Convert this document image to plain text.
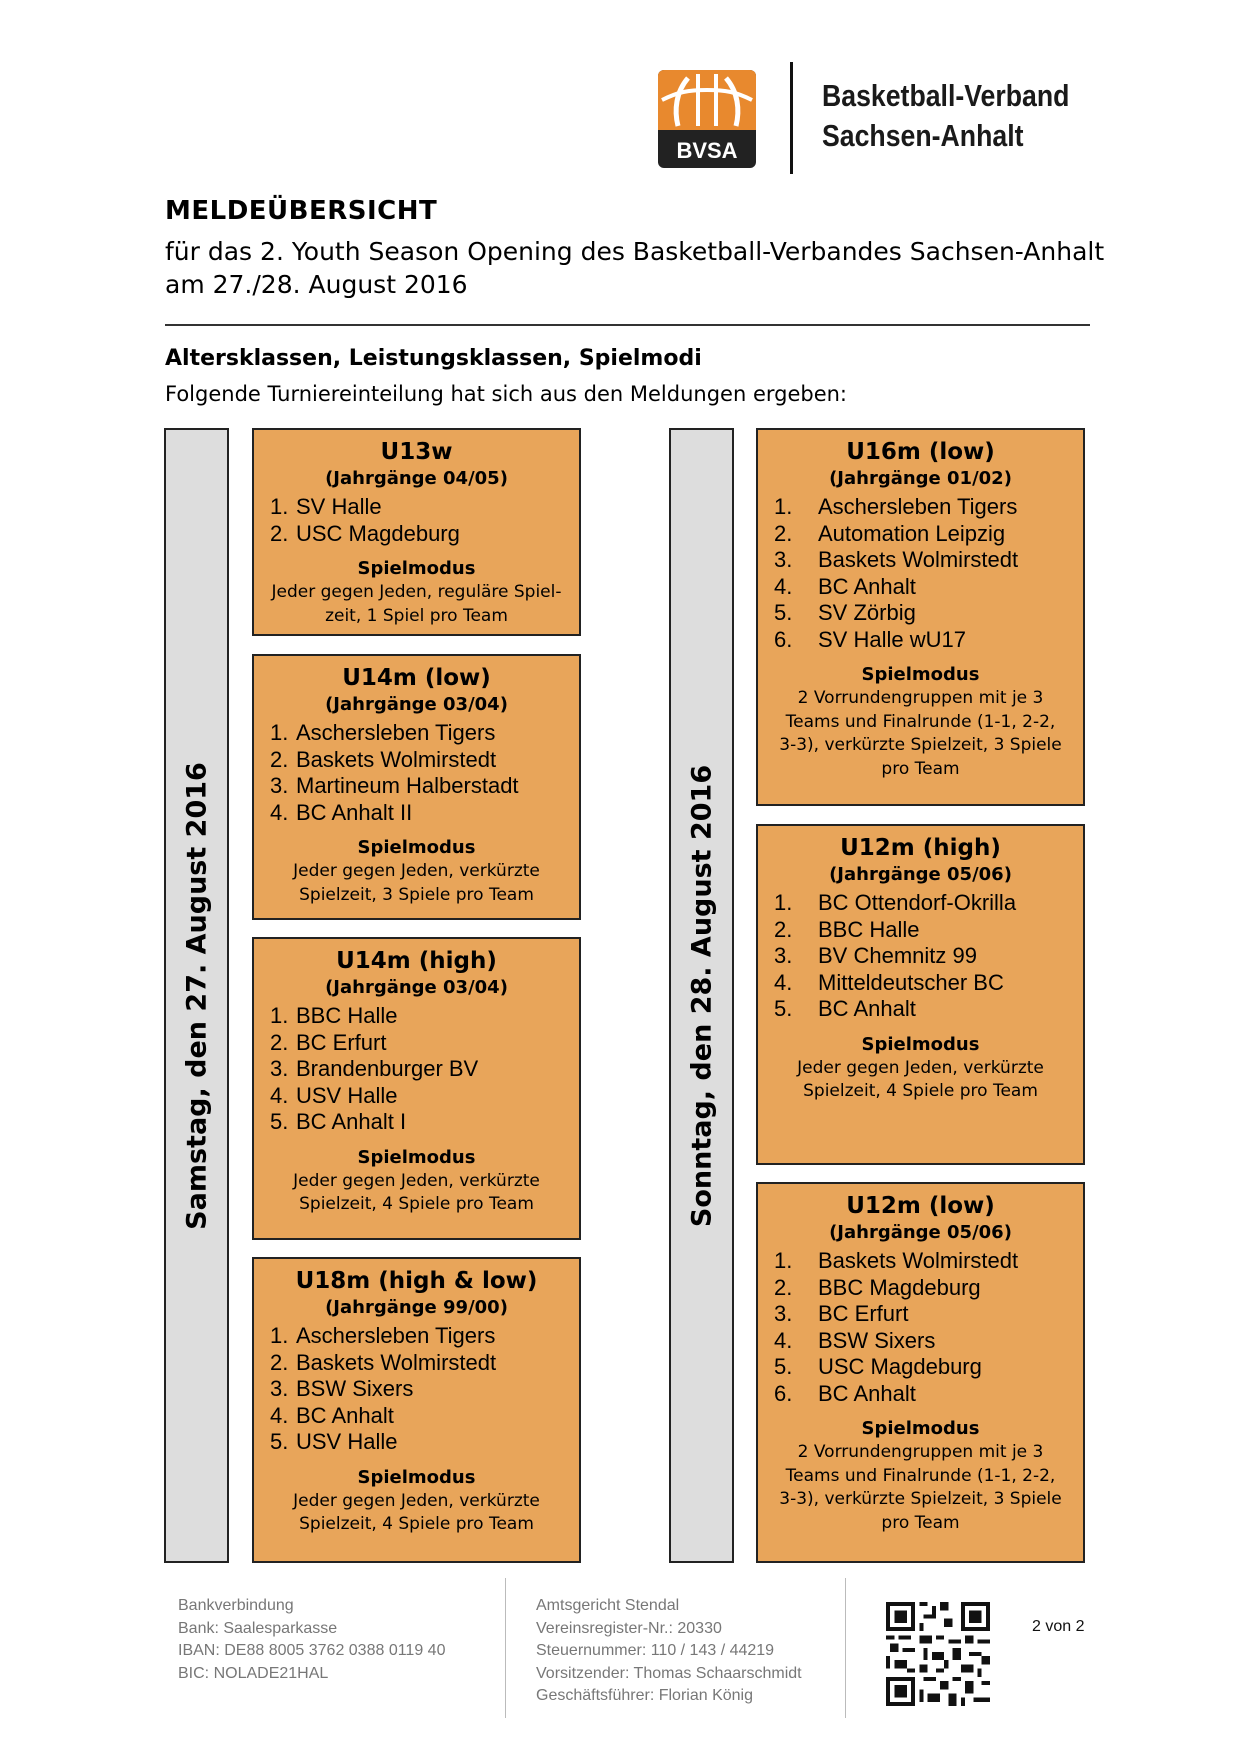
BVSA
Basketball-Verband
Sachsen-Anhalt
MELDEÜBERSICHT
für das 2. Youth Season Opening des Basketball-Verbandes Sachsen-Anhalt
am 27./28. August 2016
Altersklassen, Leistungsklassen, Spielmodi
Folgende Turniereinteilung hat sich aus den Meldungen ergeben:
Samstag, den 27. August 2016	Sonntag, den 28. August 2016
U13w
(Jahrgänge 04/05)
1. SV Halle
2. USC Magdeburg
Spielmodus
Jeder gegen Jeden, reguläre Spiel-
zeit, 1 Spiel pro Team
U14m (low)
(Jahrgänge 03/04)
1. Aschersleben Tigers
2. Baskets Wolmirstedt
3. Martineum Halberstadt
4. BC Anhalt II
Spielmodus
Jeder gegen Jeden, verkürzte
Spielzeit, 3 Spiele pro Team
U14m (high)
(Jahrgänge 03/04)
1. BBC Halle
2. BC Erfurt
3. Brandenburger BV
4. USV Halle
5. BC Anhalt I
Spielmodus
Jeder gegen Jeden, verkürzte
Spielzeit, 4 Spiele pro Team
U18m (high & low)
(Jahrgänge 99/00)
1. Aschersleben Tigers
2. Baskets Wolmirstedt
3. BSW Sixers
4. BC Anhalt
5. USV Halle
Spielmodus
Jeder gegen Jeden, verkürzte
Spielzeit, 4 Spiele pro Team
U16m (low)
(Jahrgänge 01/02)
1. Aschersleben Tigers
2. Automation Leipzig
3. Baskets Wolmirstedt
4. BC Anhalt
5. SV Zörbig
6. SV Halle wU17
Spielmodus
2 Vorrundengruppen mit je 3
Teams und Finalrunde (1-1, 2-2,
3-3), verkürzte Spielzeit, 3 Spiele
pro Team
U12m (high)
(Jahrgänge 05/06)
1. BC Ottendorf-Okrilla
2. BBC Halle
3. BV Chemnitz 99
4. Mitteldeutscher BC
5. BC Anhalt
Spielmodus
Jeder gegen Jeden, verkürzte
Spielzeit, 4 Spiele pro Team
U12m (low)
(Jahrgänge 05/06)
1. Baskets Wolmirstedt
2. BBC Magdeburg
3. BC Erfurt
4. BSW Sixers
5. USC Magdeburg
6. BC Anhalt
Spielmodus
2 Vorrundengruppen mit je 3
Teams und Finalrunde (1-1, 2-2,
3-3), verkürzte Spielzeit, 3 Spiele
pro Team
Bankverbindung
Bank: Saalesparkasse
IBAN: DE88 8005 3762 0388 0119 40
BIC: NOLADE21HAL
Amtsgericht Stendal
Vereinsregister-Nr.: 20330
Steuernummer: 110 / 143 / 44219
Vorsitzender: Thomas Schaarschmidt
Geschäftsführer: Florian König
2 von 2
